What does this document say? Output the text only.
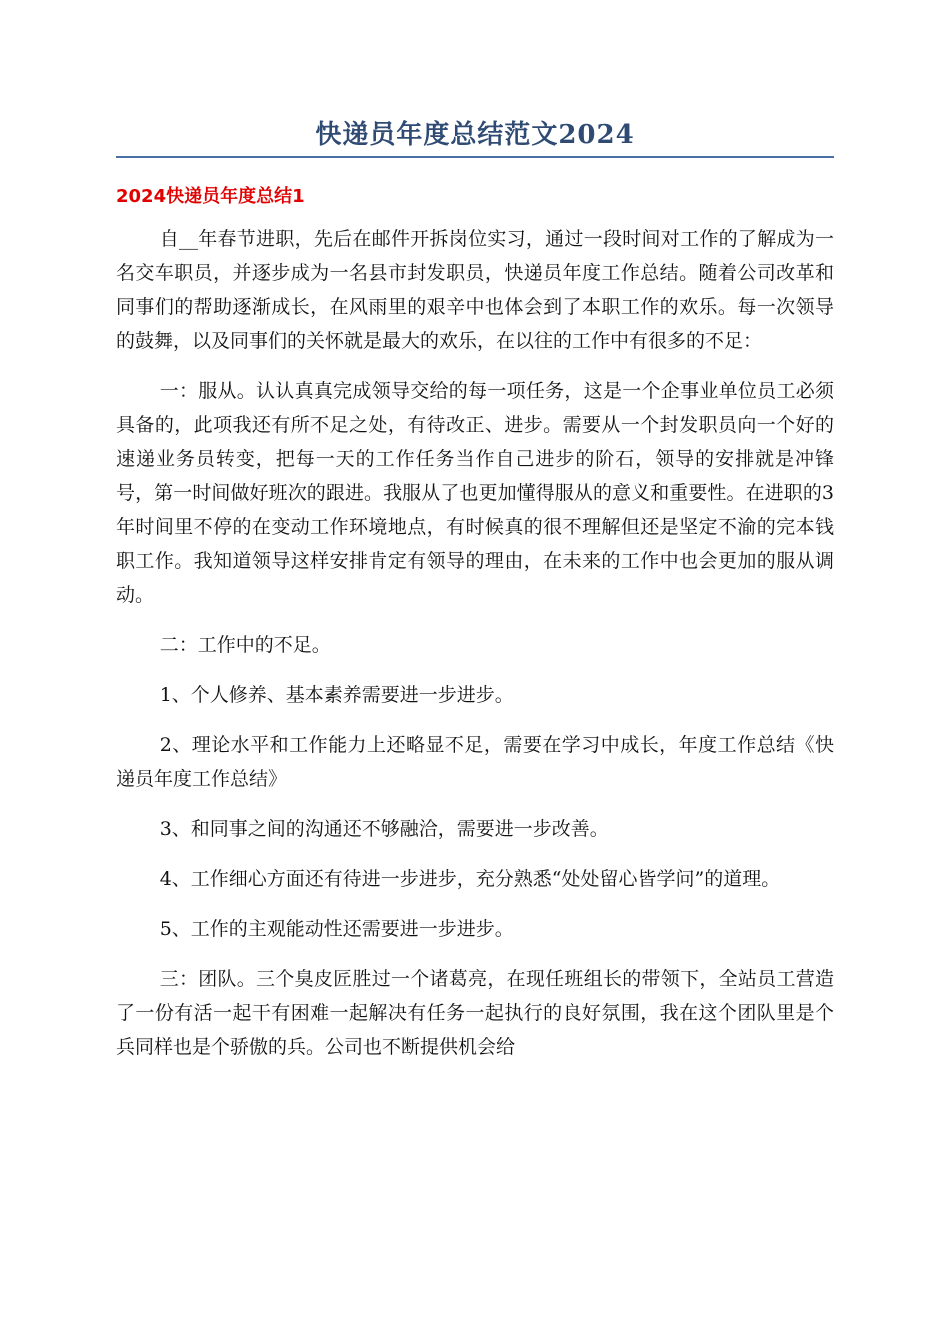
快递员年度总结范文2024
2024快递员年度总结1

自__年春节进职，先后在邮件开拆岗位实习，通过一段时间对工作的了解成为一名交车职员，并逐步成为一名县市封发职员，快递员年度工作总结。随着公司改革和同事们的帮助逐渐成长，在风雨里的艰辛中也体会到了本职工作的欢乐。每一次领导的鼓舞，以及同事们的关怀就是最大的欢乐，在以往的工作中有很多的不足：

一：服从。认认真真完成领导交给的每一项任务，这是一个企事业单位员工必须具备的，此项我还有所不足之处，有待改正、进步。需要从一个封发职员向一个好的速递业务员转变，把每一天的工作任务当作自己进步的阶石，领导的安排就是冲锋号，第一时间做好班次的跟进。我服从了也更加懂得服从的意义和重要性。在进职的3年时间里不停的在变动工作环境地点，有时候真的很不理解但还是坚定不渝的完本钱职工作。我知道领导这样安排肯定有领导的理由，在未来的工作中也会更加的服从调动。

二：工作中的不足。

1、个人修养、基本素养需要进一步进步。

2、理论水平和工作能力上还略显不足，需要在学习中成长，年度工作总结《快递员年度工作总结》

3、和同事之间的沟通还不够融洽，需要进一步改善。

4、工作细心方面还有待进一步进步，充分熟悉“处处留心皆学问”的道理。

5、工作的主观能动性还需要进一步进步。

三：团队。三个臭皮匠胜过一个诸葛亮，在现任班组长的带领下，全站员工营造了一份有活一起干有困难一起解决有任务一起执行的良好氛围，我在这个团队里是个兵同样也是个骄傲的兵。公司也不断提供机会给
